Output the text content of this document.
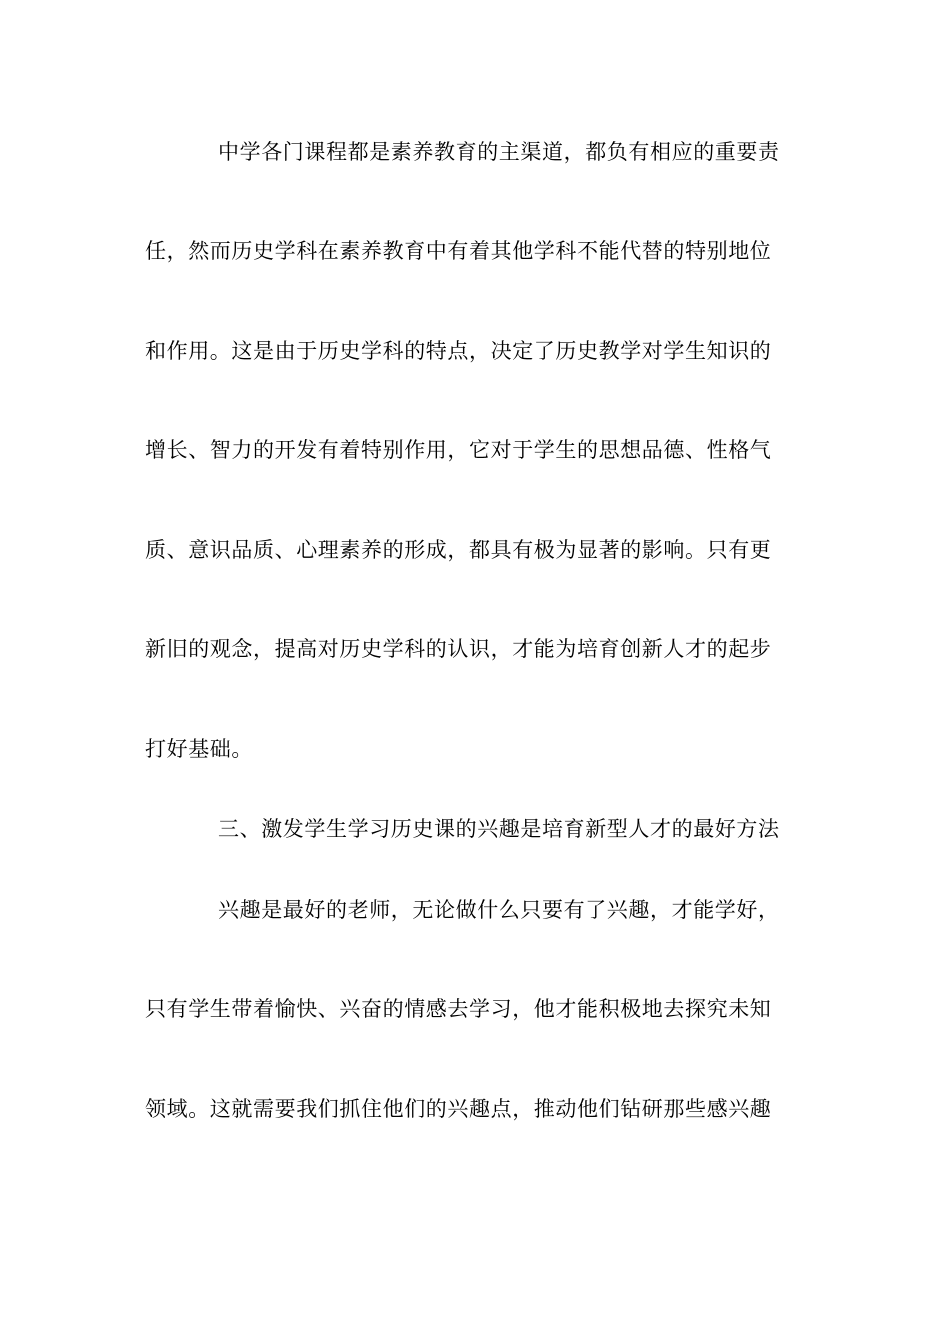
中学各门课程都是素养教育的主渠道，都负有相应的重要责
任，然而历史学科在素养教育中有着其他学科不能代替的特别地位
和作用。这是由于历史学科的特点，决定了历史教学对学生知识的
增长、智力的开发有着特别作用，它对于学生的思想品德、性格气
质、意识品质、心理素养的形成，都具有极为显著的影响。只有更
新旧的观念，提高对历史学科的认识，才能为培育创新人才的起步
打好基础。
三、激发学生学习历史课的兴趣是培育新型人才的最好方法
兴趣是最好的老师，无论做什么只要有了兴趣，才能学好，
只有学生带着愉快、兴奋的情感去学习，他才能积极地去探究未知
领域。这就需要我们抓住他们的兴趣点，推动他们钻研那些感兴趣
